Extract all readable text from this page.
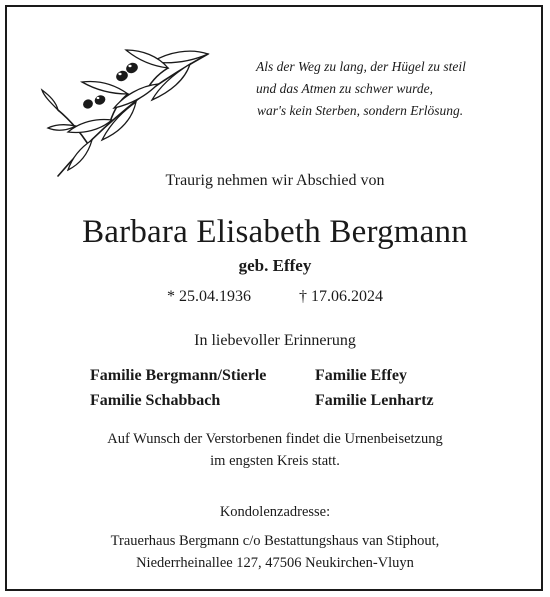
Als der Weg zu lang, der Hügel zu steil
und das Atmen zu schwer wurde,
war's kein Sterben, sondern Erlösung.
Traurig nehmen wir Abschied von
Barbara Elisabeth Bergmann
geb. Effey
* 25.04.1936	† 17.06.2024
In liebevoller Erinnerung
Familie Bergmann/Stierle	Familie Effey
Familie Schabbach	Familie Lenhartz
Auf Wunsch der Verstorbenen findet die Urnenbeisetzung
im engsten Kreis statt.
Kondolenzadresse:
Trauerhaus Bergmann c/o Bestattungshaus van Stiphout,
Niederrheinallee 127, 47506 Neukirchen-Vluyn
